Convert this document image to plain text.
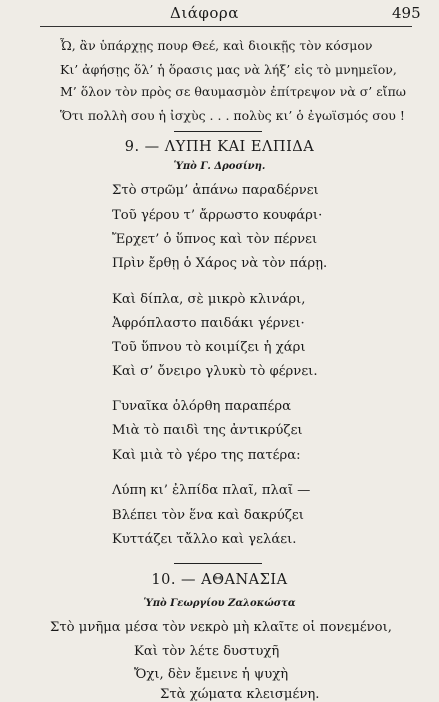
Διάφορα	495
Ὦ, ἂν ὑπάρχῃς πουρ Θεέ, καὶ διοικῇς τὸν κόσμον
Κι’ ἀφήσῃς ὅλ’ ἡ ὅρασις μας νὰ λήξ’ εἰς τὸ μνημεῖον,
Μ’ ὅλον τὸν πρὸς σε θαυμασμὸν ἐπίτρεψον νὰ σ’ εἴπω
Ὅτι πολλὴ σου ἡ ἰσχὺς . . . πολὺς κι’ ὁ ἐγωϊσμός σου !
9. — ΛΥΠΗ ΚΑΙ ΕΛΠΙΔΑ
Ὑπὸ Γ. Δροσίνη.
Στὸ στρῶμ’ ἀπάνω παραδέρνει
Τοῦ γέρου τ’ ἄρρωστο κουφάρι·
Ἔρχετ’ ὁ ὕπνος καὶ τὸν πέρνει
Πρὶν ἔρθῃ ὁ Χάρος νὰ τὸν πάρῃ.
Καὶ δίπλα, σὲ μικρὸ κλινάρι,
Ἀφρόπλαστο παιδάκι γέρνει·
Τοῦ ὕπνου τὸ κοιμίζει ἡ χάρι
Καὶ σ’ ὄνειρο γλυκὺ τὸ φέρνει.
Γυναῖκα ὁλόρθη παραπέρα
Μιὰ τὸ παιδὶ της ἀντικρύζει
Καὶ μιὰ τὸ γέρο της πατέρα:
Λύπη κι’ ἐλπίδα πλαῖ, πλαῖ —
Βλέπει τὸν ἕνα καὶ δακρύζει
Κυττάζει τἄλλο καὶ γελάει.
10. — ΑΘΑΝΑΣΙΑ
Ὑπὸ Γεωργίου Ζαλοκώστα
Στὸ μνῆμα μέσα τὸν νεκρὸ μὴ κλαῖτε οἱ πονεμένοι,
Καὶ τὸν λέτε δυστυχῆ
Ὄχι, δὲν ἔμεινε ἡ ψυχὴ
Στὰ χώματα κλεισμένη.
